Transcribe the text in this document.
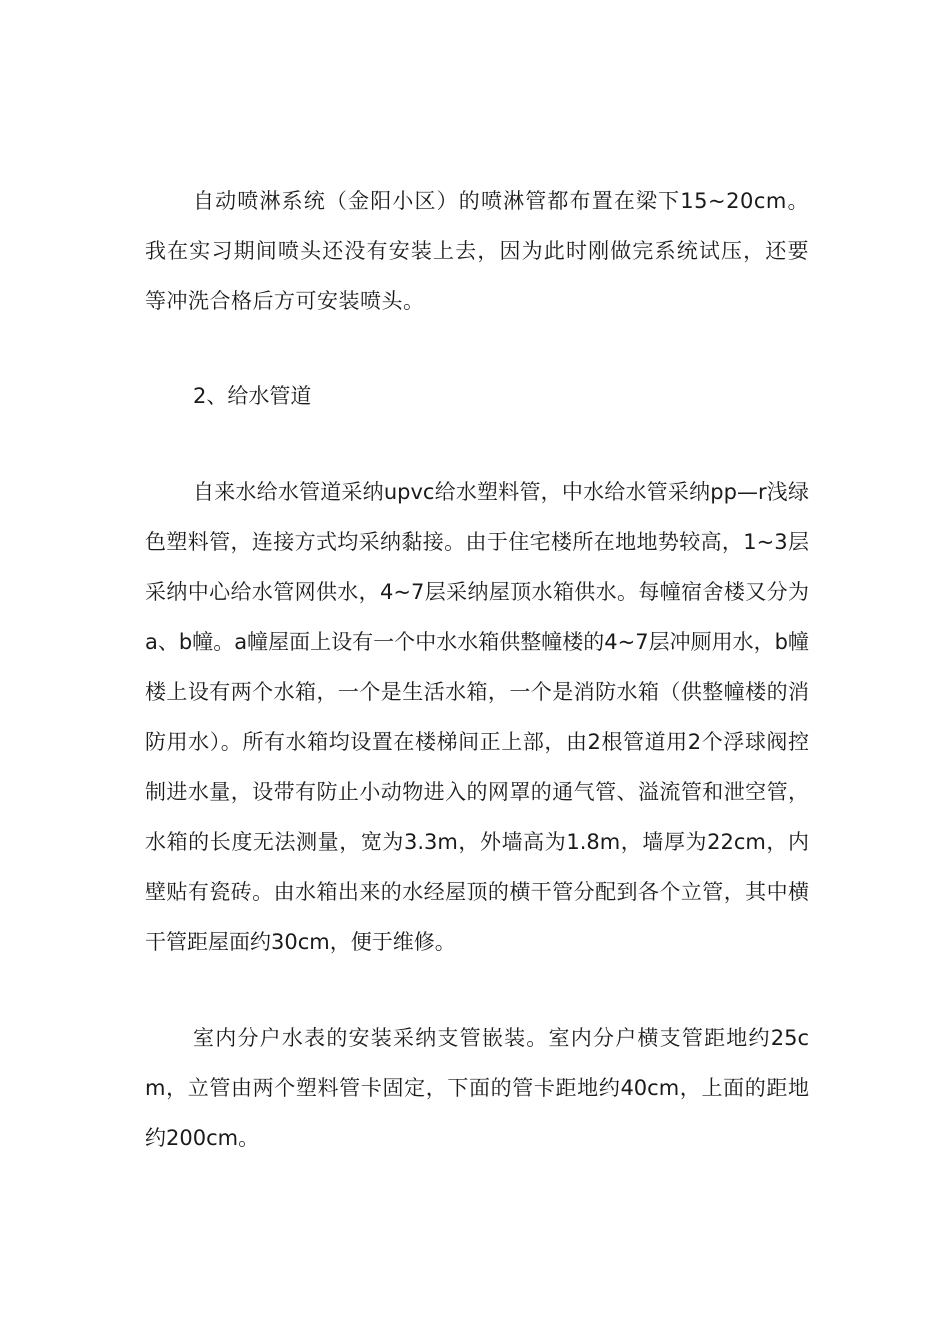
自动喷淋系统（金阳小区）的喷淋管都布置在梁下15~20cm。我在实习期间喷头还没有安装上去，因为此时刚做完系统试压，还要等冲洗合格后方可安装喷头。

2、给水管道

自来水给水管道采纳upvc给水塑料管，中水给水管采纳pp—r浅绿色塑料管，连接方式均采纳黏接。由于住宅楼所在地地势较高，1~3层采纳中心给水管网供水，4~7层采纳屋顶水箱供水。每幢宿舍楼又分为a、b幢。a幢屋面上设有一个中水水箱供整幢楼的4~7层冲厕用水，b幢楼上设有两个水箱，一个是生活水箱，一个是消防水箱（供整幢楼的消防用水）。所有水箱均设置在楼梯间正上部，由2根管道用2个浮球阀控制进水量，设带有防止小动物进入的网罩的通气管、溢流管和泄空管，水箱的长度无法测量，宽为3.3m，外墙高为1.8m，墙厚为22cm，内壁贴有瓷砖。由水箱出来的水经屋顶的横干管分配到各个立管，其中横干管距屋面约30cm，便于维修。

室内分户水表的安装采纳支管嵌装。室内分户横支管距地约25cm，立管由两个塑料管卡固定，下面的管卡距地约40cm，上面的距地约200cm。
